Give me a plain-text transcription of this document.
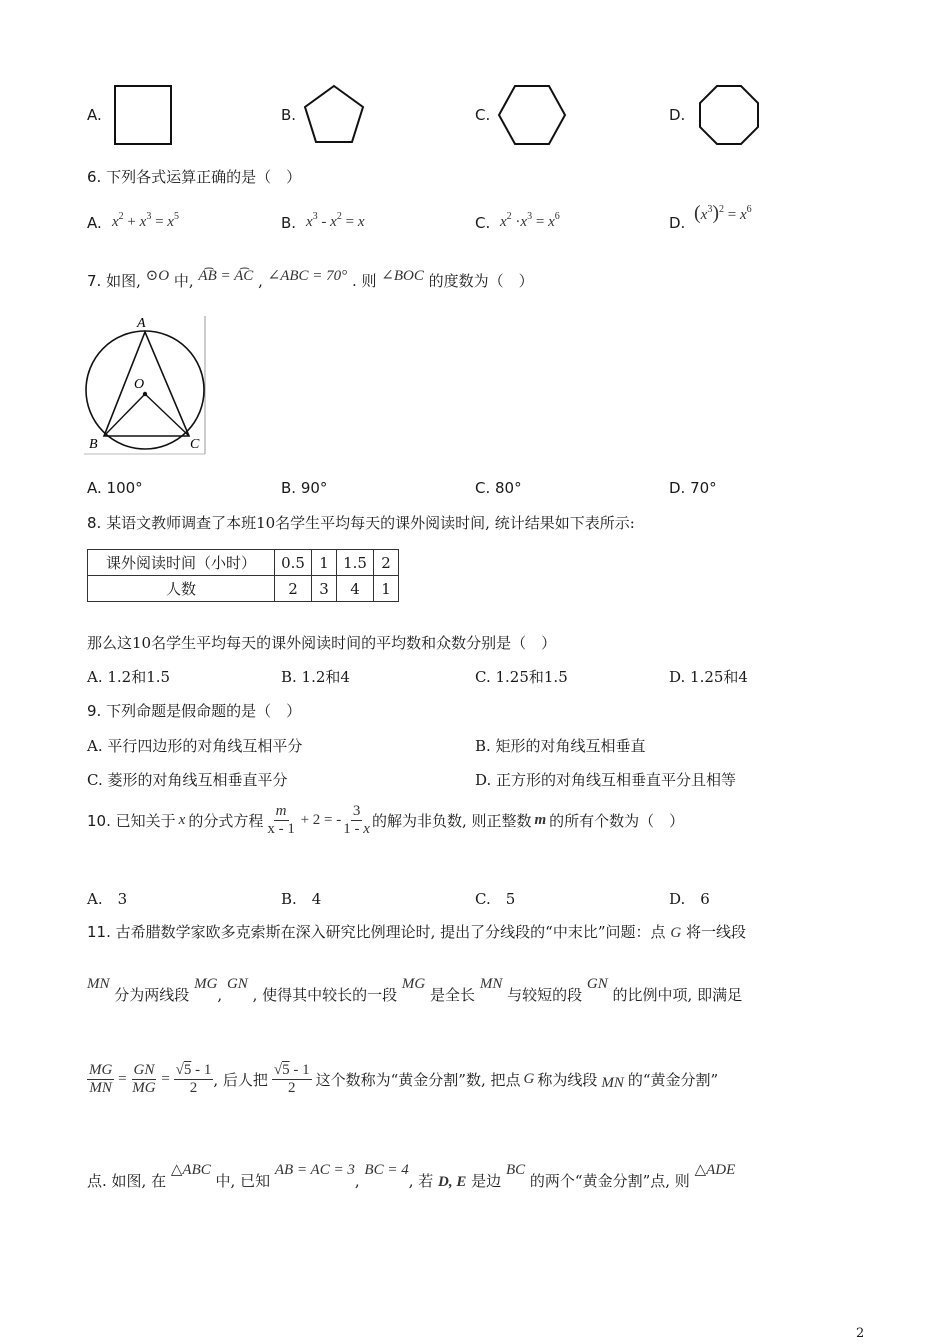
A.	B.	C.	D.
6. 下列各式运算正确的是（　）
A. $x^2 + x^3 = x^5$	B. $x^3 - x^2 = x$	C. $x^2 \cdot x^3 = x^6$	D. $(x^3)^2 = x^6$
7. 如图, ⊙O 中, A͡B = A͡C , ∠ABC = 70° . 则 ∠BOC 的度数为（　）
A
O
B	C
A. 100°	B. 90°	C. 80°	D. 70°
8. 某语文教师调查了本班10名学生平均每天的课外阅读时间, 统计结果如下表所示:
课外阅读时间（小时）	0.5	1	1.5	2
人数	2	3	4	1
那么这10名学生平均每天的课外阅读时间的平均数和众数分别是（　）
A. 1.2和1.5	B. 1.2和4	C. 1.25和1.5	D. 1.25和4
9. 下列命题是假命题的是（　）
A. 平行四边形的对角线互相平分	B. 矩形的对角线互相垂直
C. 菱形的对角线互相垂直平分	D. 正方形的对角线互相垂直平分且相等
10.
已知关于 x 的分式方程 $\frac{m}{x - 1} + 2$ = - $\frac{3}{1 - x}$ 的解为非负数, 则正整数 m 的所有个数为（　）
A.　3	B.　4	C.　5	D.　6
11. 古希腊数学家欧多克索斯在深入研究比例理论时, 提出了分线段的“中末比”问题：点 G 将一线段
MN 分为两线段 MG, GN , 使得其中较长的一段 MG 是全长 MN 与较短的段 GN 的比例中项, 即满足
$\frac{MG}{MN} = \frac{GN}{MG} = \frac{√5 - 1}{2}$ , 后人把 $\frac{√5 - 1}{2}$ 这个数称为“黄金分割”数, 把点 G 称为线段 MN 的“黄金分割”
点. 如图, 在 △ABC 中, 已知 AB = AC = 3, BC = 4, 若 D, E 是边 BC 的两个“黄金分割”点, 则 △ADE
2
